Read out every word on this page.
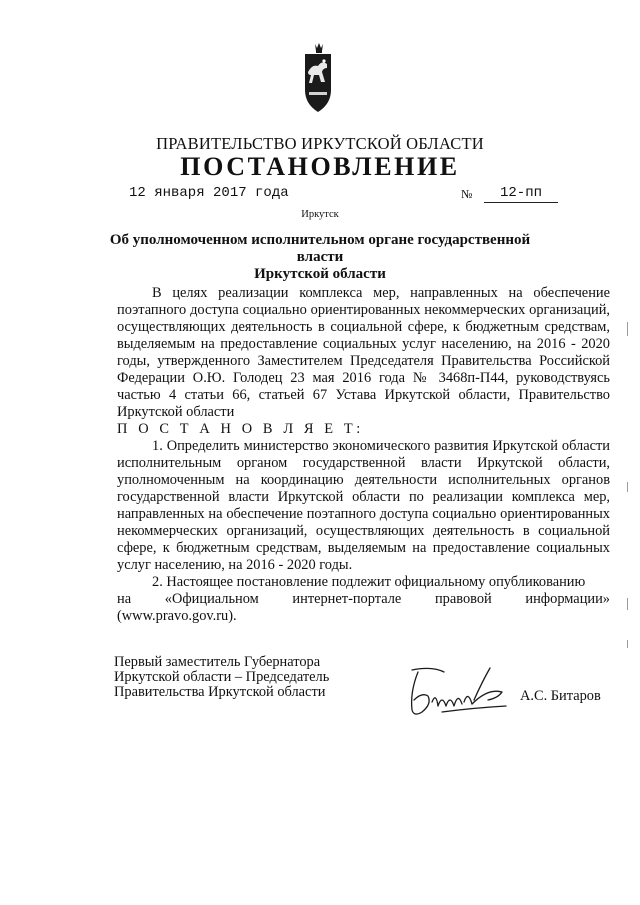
ПРАВИТЕЛЬСТВО ИРКУТСКОЙ ОБЛАСТИ
ПОСТАНОВЛЕНИЕ
12 января 2017 года	№	12-пп
Иркутск
Об уполномоченном исполнительном органе государственной власти
Иркутской области

В целях реализации комплекса мер, направленных на обеспечение поэтапного доступа социально ориентированных некоммерческих организаций, осуществляющих деятельность в социальной сфере, к бюджетным средствам, выделяемым на предоставление социальных услуг населению, на 2016 - 2020 годы, утвержденного Заместителем Председателя Правительства Российской Федерации О.Ю. Голодец 23 мая 2016 года № 3468п-П44, руководствуясь частью 4 статьи 66, статьей 67 Устава Иркутской области, Правительство Иркутской области

П О С Т А Н О В Л Я Е Т:

1. Определить министерство экономического развития Иркутской области исполнительным органом государственной власти Иркутской области, уполномоченным на координацию деятельности исполнительных органов государственной власти Иркутской области по реализации комплекса мер, направленных на обеспечение поэтапного доступа социально ориентированных некоммерческих организаций, осуществляющих деятельность в социальной сфере, к бюджетным средствам, выделяемым на предоставление социальных услуг населению, на 2016 - 2020 годы.

2. Настоящее постановление подлежит официальному опубликованию

на «Официальном интернет-портале правовой информации»

(www.pravo.gov.ru).

Первый заместитель Губернатора
Иркутской области – Председатель
Правительства Иркутской области	А.С. Битаров
